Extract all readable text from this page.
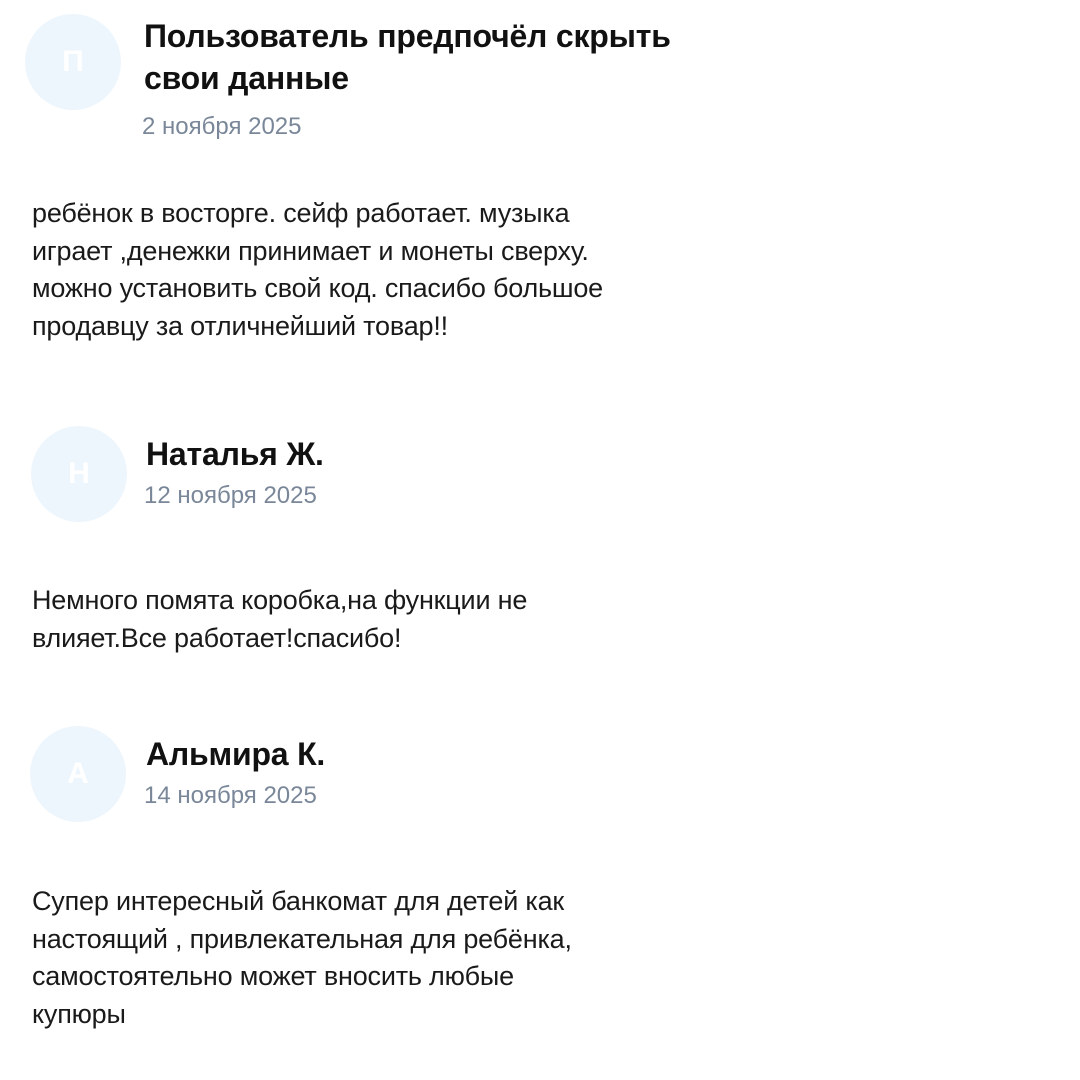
П
Пользователь предпочёл скрыть
свои данные
2 ноября 2025
ребёнок в восторге. сейф работает. музыка
играет ,денежки принимает и монеты сверху.
можно установить свой код. спасибо большое
продавцу за отличнейший товар!!
Н
Наталья Ж.
12 ноября 2025
Немного помята коробка,на функции не
влияет.Все работает!спасибо!
А
Альмира К.
14 ноября 2025
Супер интересный банкомат для детей как
настоящий , привлекательная для ребёнка,
самостоятельно может вносить любые
купюры
